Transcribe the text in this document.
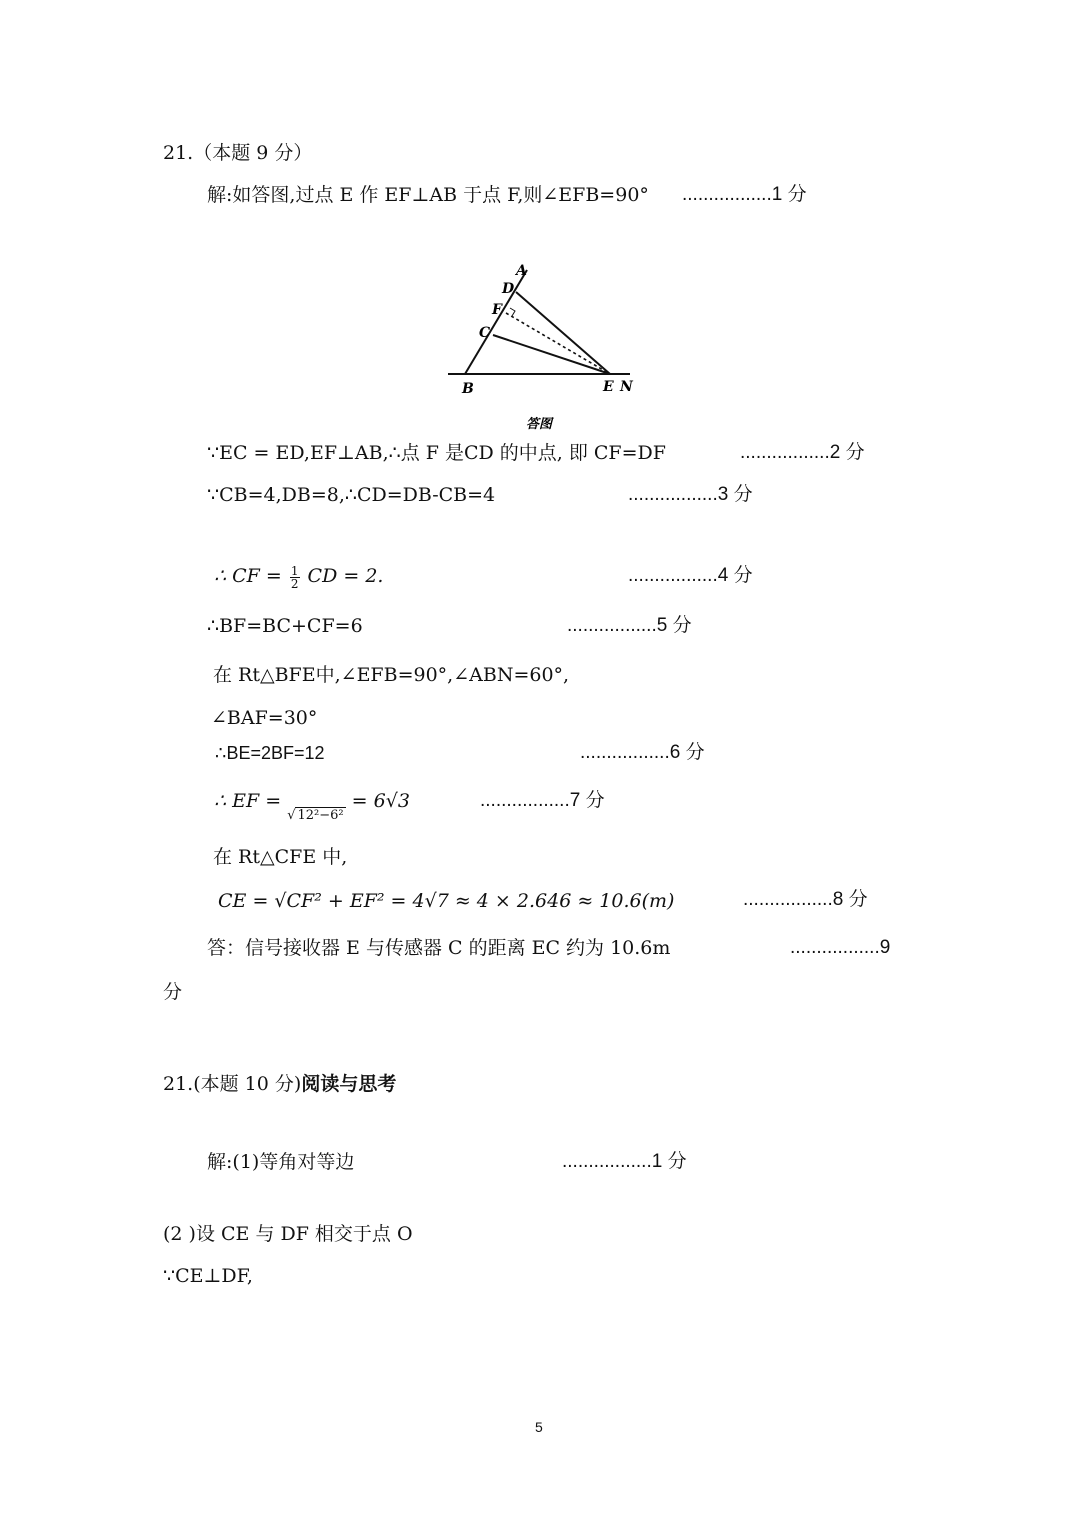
21.（本题 9 分）
解:如答图,过点 E 作 EF⊥AB 于点 F,则∠EFB=90° .................1 分
A
D
F
C
B	E N
答图
∵EC = ED,EF⊥AB,∴点 F 是CD 的中点, 即 CF=DF	.................2 分
∵CB=4,DB=8,∴CD=DB-CB=4	.................3 分
∴ CF = $\frac{1}{2}$ CD = 2.	.................4 分
∴BF=BC+CF=6	.................5 分
在 Rt△BFE中,∠EFB=90°,∠ABN=60°,
∠BAF=30°
∴BE=2BF=12	.................6 分
∴ EF = $_{√ 12^2-6^2}$ = 6√3	.................7 分
在 Rt△CFE 中,
CE = √CF² + EF² = 4√7 ≈ 4 × 2.646 ≈ 10.6(m)	.................8 分
答：信号接收器 E 与传感器 C 的距离 EC 约为 10.6m	.................9
分
21.(本题 10 分)阅读与思考
解:(1)等角对等边	.................1 分
(2 )设 CE 与 DF 相交于点 O
∵CE⊥DF,
5
